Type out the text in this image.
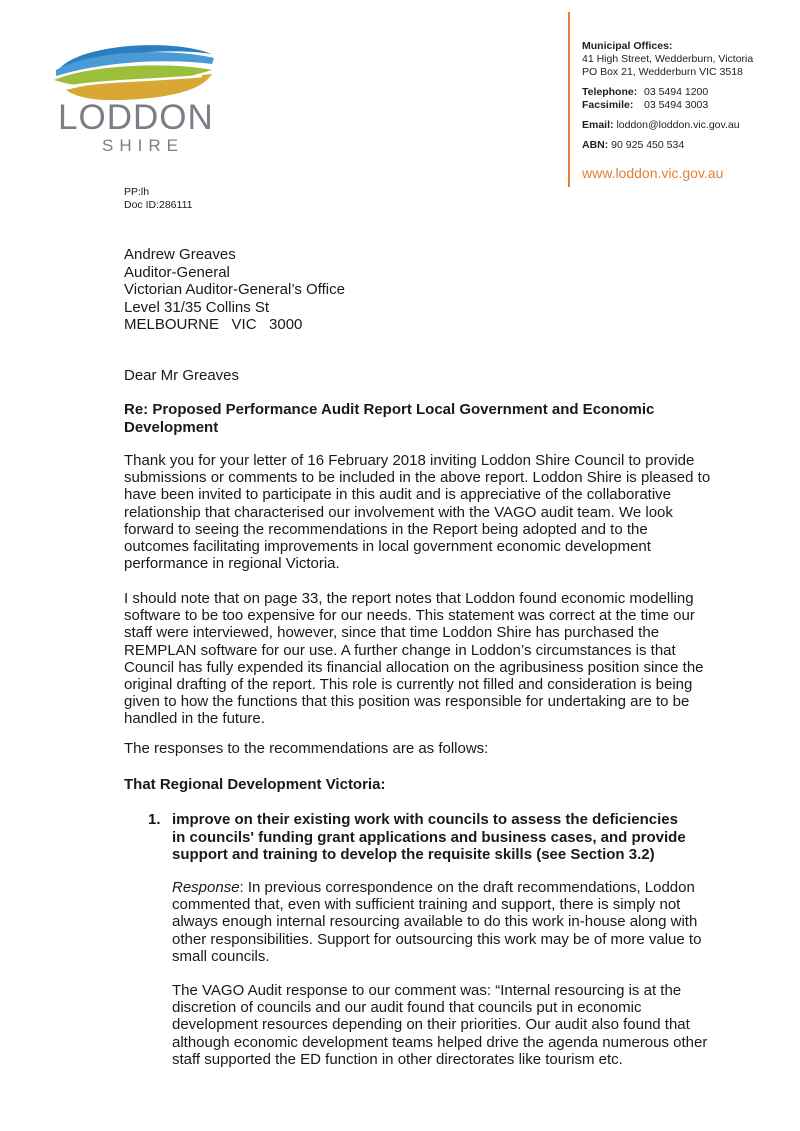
LODDON
SHIRE
Municipal Offices:
41 High Street, Wedderburn, Victoria
PO Box 21, Wedderburn VIC 3518
Telephone: 03 5494 1200
Facsimile: 03 5494 3003
Email: loddon@loddon.vic.gov.au
ABN: 90 925 450 534
www.loddon.vic.gov.au
PP:lh
Doc ID:286111
Andrew Greaves
Auditor-General
Victorian Auditor-General’s Office
Level 31/35 Collins St
MELBOURNE   VIC   3000
Dear Mr Greaves
Re: Proposed Performance Audit Report Local Government and Economic Development
Thank you for your letter of 16 February 2018 inviting Loddon Shire Council to provide submissions or comments to be included in the above report. Loddon Shire is pleased to have been invited to participate in this audit and is appreciative of the collaborative relationship that characterised our involvement with the VAGO audit team. We look forward to seeing the recommendations in the Report being adopted and to the outcomes facilitating improvements in local government economic development performance in regional Victoria.
I should note that on page 33, the report notes that Loddon found economic modelling software to be too expensive for our needs. This statement was correct at the time our staff were interviewed, however, since that time Loddon Shire has purchased the REMPLAN software for our use. A further change in Loddon’s circumstances is that Council has fully expended its financial allocation on the agribusiness position since the original drafting of the report. This role is currently not filled and consideration is being given to how the functions that this position was responsible for undertaking are to be handled in the future.
The responses to the recommendations are as follows:
That Regional Development Victoria:
1. improve on their existing work with councils to assess the deficiencies in councils' funding grant applications and business cases, and provide support and training to develop the requisite skills (see Section 3.2)
Response: In previous correspondence on the draft recommendations, Loddon commented that, even with sufficient training and support, there is simply not always enough internal resourcing available to do this work in-house along with other responsibilities. Support for outsourcing this work may be of more value to small councils.
The VAGO Audit response to our comment was: “Internal resourcing is at the discretion of councils and our audit found that councils put in economic development resources depending on their priorities. Our audit also found that although economic development teams helped drive the agenda numerous other staff supported the ED function in other directorates like tourism etc.
